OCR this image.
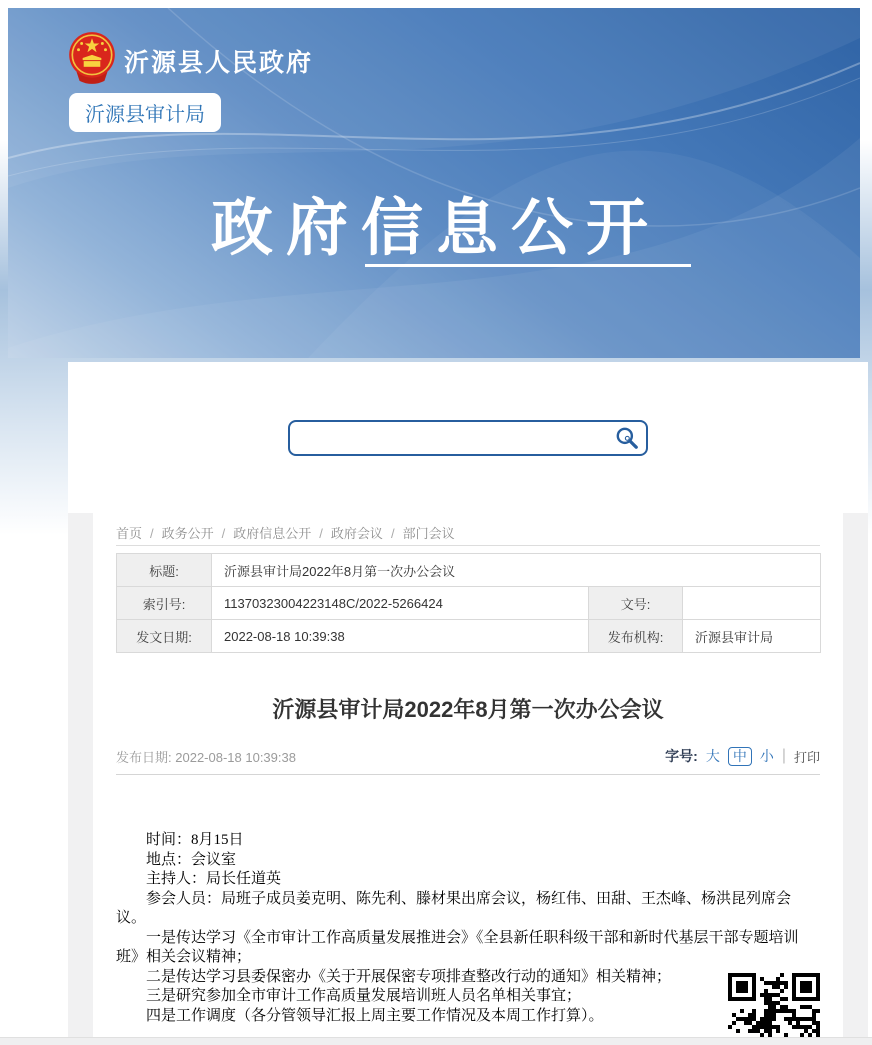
沂源县人民政府
沂源县审计局
政府信息公开
首页 / 政务公开 / 政府信息公开 / 政府会议 / 部门会议
标题:	沂源县审计局2022年8月第一次办公会议		
索引号:	11370323004223148C/2022-5266424	文号:	
发文日期:	2022-08-18 10:39:38	发布机构:	沂源县审计局
沂源县审计局2022年8月第一次办公会议
发布日期: 2022-08-18 10:39:38	字号: 大 中 小 | 打印

时间：8月15日

地点：会议室

主持人：局长任道英

参会人员：局班子成员姜克明、陈先利、滕材果出席会议，杨红伟、田甜、王杰峰、杨洪昆列席会议。

一是传达学习《全市审计工作高质量发展推进会》《全县新任职科级干部和新时代基层干部专题培训班》相关会议精神；

二是传达学习县委保密办《关于开展保密专项排查整改行动的通知》相关精神；

三是研究参加全市审计工作高质量发展培训班人员名单相关事宜；

四是工作调度（各分管领导汇报上周主要工作情况及本周工作打算）。
